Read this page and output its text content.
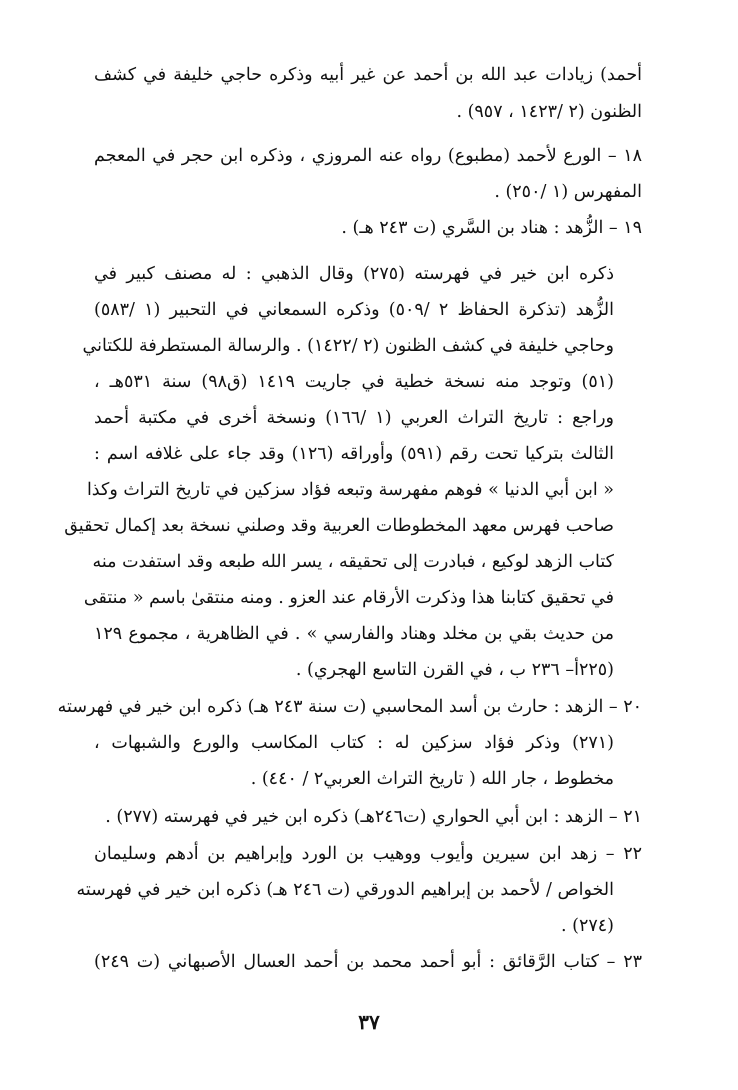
أحمد) زيادات عبد الله بن أحمد عن غير أبيه وذكره حاجي خليفة في كشف
الظنون (٢ /١٤٢٣ ، ٩٥٧) .
١٨ – الورع لأحمد (مطبوع) رواه عنه المروزي ، وذكره ابن حجر في المعجم
المفهرس (١ /٢٥٠) .
١٩ – الزُّهد : هناد بن السَّري (ت ٢٤٣ هـ) .
ذكره ابن خير في فهرسته (٢٧٥) وقال الذهبي : له مصنف كبير في
الزُّهد (تذكرة الحفاظ ٢ /٥٠٩) وذكره السمعاني في التحبير (١ /٥٨٣)
وحاجي خليفة في كشف الظنون (٢ /١٤٢٢) . والرسالة المستطرفة للكتاني
(٥١) وتوجد منه نسخة خطية في جاريت ١٤١٩ (ق٩٨) سنة ٥٣١هـ ،
وراجع : تاريخ التراث العربي (١ /١٦٦) ونسخة أخرى في مكتبة أحمد
الثالث بتركيا تحت رقم (٥٩١) وأوراقه (١٢٦) وقد جاء على غلافه اسم :
« ابن أبي الدنيا » فوهم مفهرسة وتبعه فؤاد سزكين في تاريخ التراث وكذا
صاحب فهرس معهد المخطوطات العربية وقد وصلني نسخة بعد إكمال تحقيق
كتاب الزهد لوكيع ، فبادرت إلى تحقيقه ، يسر الله طبعه وقد استفدت منه
في تحقيق كتابنا هذا وذكرت الأرقام عند العزو . ومنه منتقىٰ باسم « منتقى
من حديث بقي بن مخلد وهناد والفارسي » . في الظاهرية ، مجموع ١٢٩
(٢٢٥أ– ٢٣٦ ب ، في القرن التاسع الهجري) .
٢٠ – الزهد : حارث بن أسد المحاسبي (ت سنة ٢٤٣ هـ) ذكره ابن خير في فهرسته
(٢٧١) وذكر فؤاد سزكين له : كتاب المكاسب والورع والشبهات ،
مخطوط ، جار الله ( تاريخ التراث العربي٢ / ٤٤٠) .
٢١ – الزهد : ابن أبي الحواري (ت٢٤٦هـ) ذكره ابن خير في فهرسته (٢٧٧) .
٢٢ – زهد ابن سيرين وأيوب ووهيب بن الورد وإبراهيم بن أدهم وسليمان
الخواص / لأحمد بن إبراهيم الدورقي (ت ٢٤٦ هـ) ذكره ابن خير في فهرسته
(٢٧٤) .
٢٣ – كتاب الرَّقائق : أبو أحمد محمد بن أحمد العسال الأصبهاني (ت ٢٤٩)
٣٧
